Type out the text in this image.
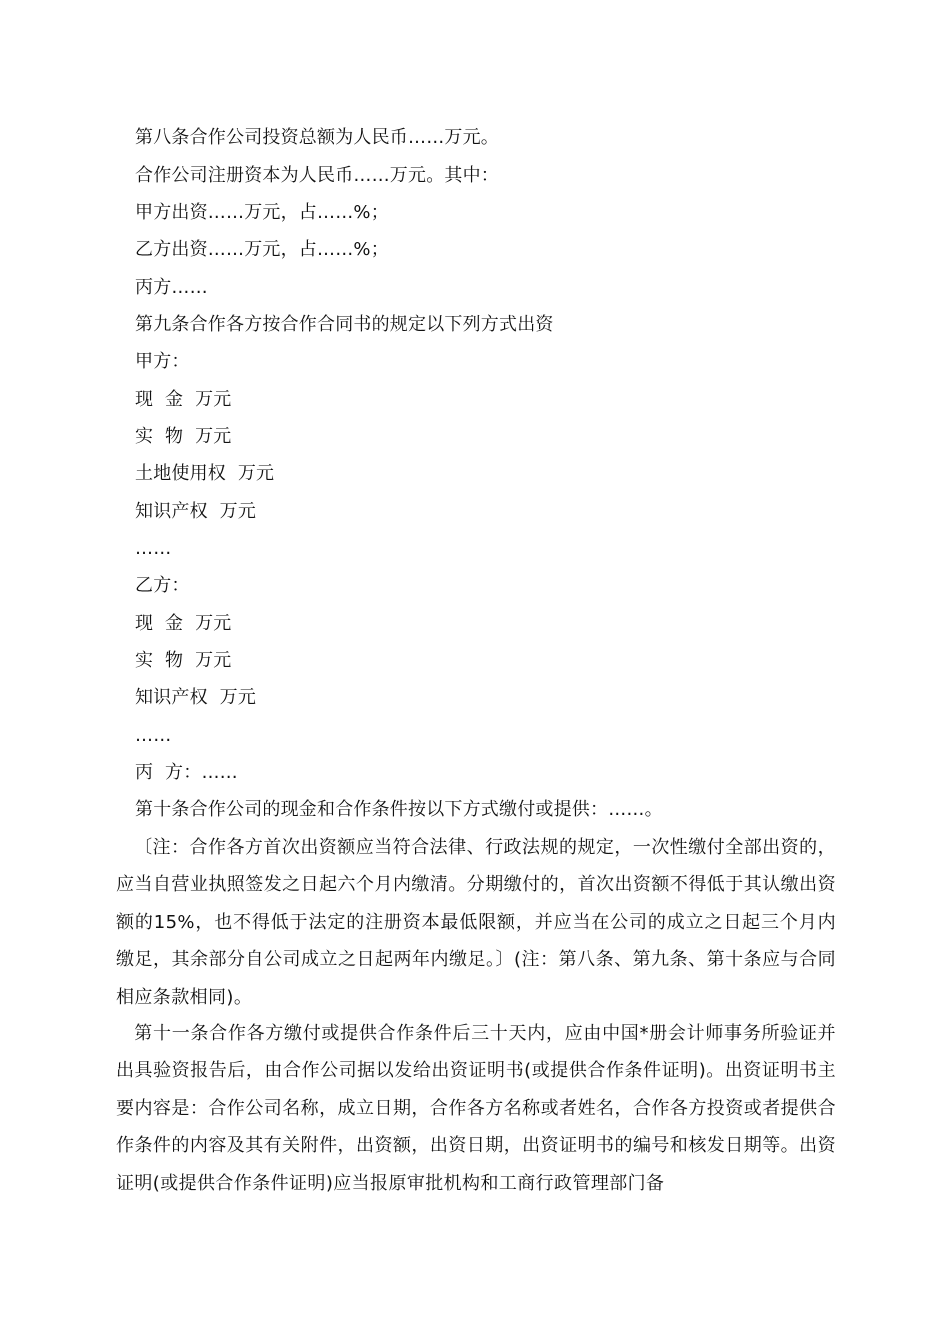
第八条合作公司投资总额为人民币……万元。
合作公司注册资本为人民币……万元。其中：
甲方出资……万元，占……%；
乙方出资……万元，占……%；
丙方……
第九条合作各方按合作合同书的规定以下列方式出资
甲方：
现  金  万元
实  物  万元
土地使用权  万元
知识产权  万元
……
乙方：
现  金  万元
实  物  万元
知识产权  万元
……
丙  方：……
第十条合作公司的现金和合作条件按以下方式缴付或提供：……。
〔注：合作各方首次出资额应当符合法律、行政法规的规定，一次性缴付全部出资的，应当自营业执照签发之日起六个月内缴清。分期缴付的，首次出资额不得低于其认缴出资额的15%，也不得低于法定的注册资本最低限额，并应当在公司的成立之日起三个月内缴足，其余部分自公司成立之日起两年内缴足。〕(注：第八条、第九条、第十条应与合同相应条款相同)。
第十一条合作各方缴付或提供合作条件后三十天内，应由中国*册会计师事务所验证并出具验资报告后，由合作公司据以发给出资证明书(或提供合作条件证明)。出资证明书主要内容是：合作公司名称，成立日期，合作各方名称或者姓名，合作各方投资或者提供合作条件的内容及其有关附件，出资额，出资日期，出资证明书的编号和核发日期等。出资证明(或提供合作条件证明)应当报原审批机构和工商行政管理部门备
